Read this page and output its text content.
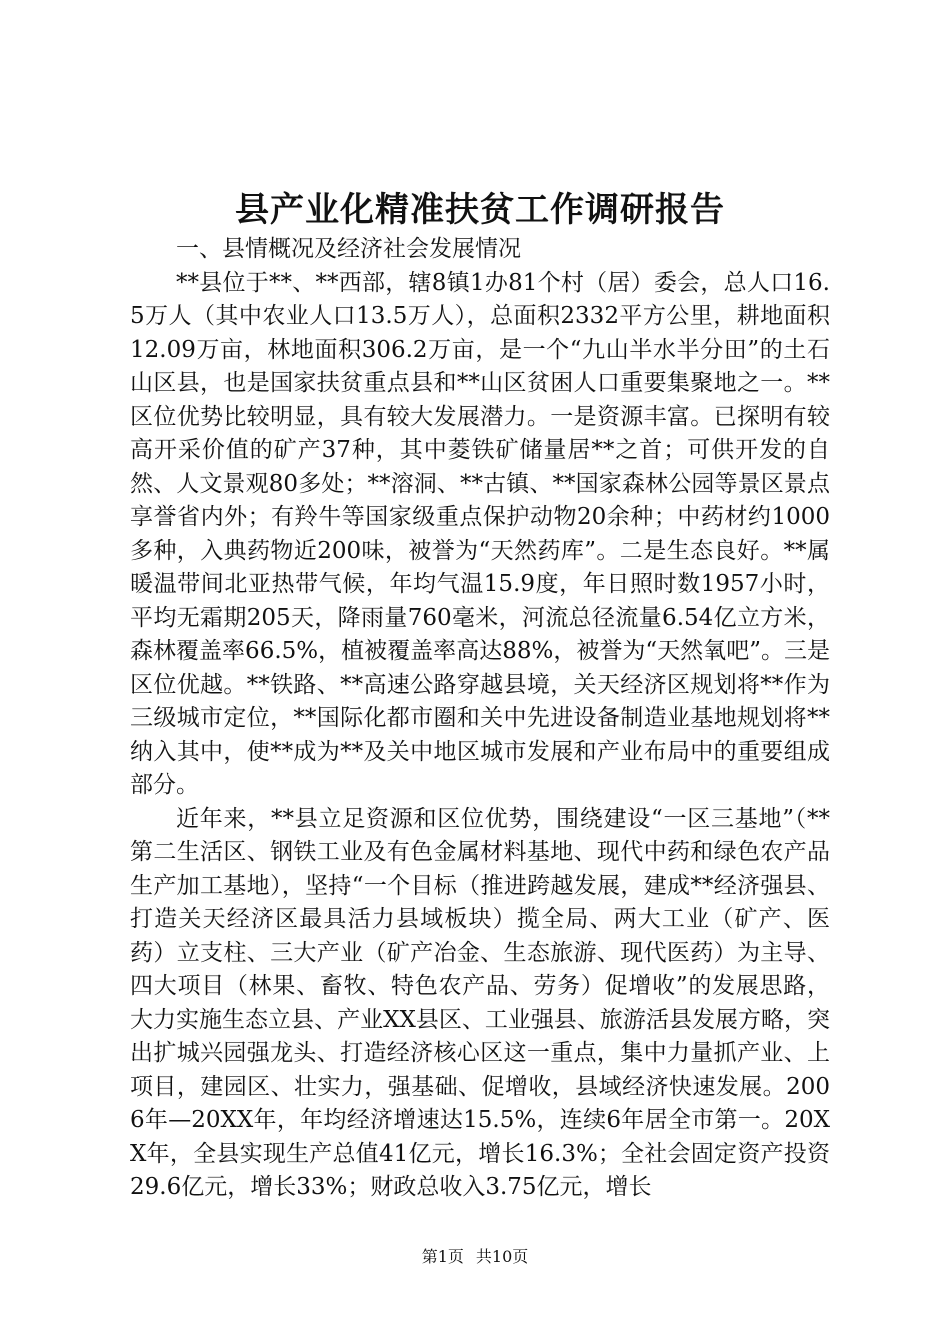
县产业化精准扶贫工作调研报告

一、县情概况及经济社会发展情况

**县位于**、**西部，辖8镇1办81个村（居）委会，总人口16.5万人（其中农业人口13.5万人），总面积2332平方公里，耕地面积12.09万亩，林地面积306.2万亩，是一个“九山半水半分田”的土石山区县，也是国家扶贫重点县和**山区贫困人口重要集聚地之一。**区位优势比较明显，具有较大发展潜力。一是资源丰富。已探明有较高开采价值的矿产37种，其中菱铁矿储量居**之首；可供开发的自然、人文景观80多处；**溶洞、**古镇、**国家森林公园等景区景点享誉省内外；有羚牛等国家级重点保护动物20余种；中药材约1000多种，入典药物近200味，被誉为“天然药库”。二是生态良好。**属暖温带间北亚热带气候，年均气温15.9度，年日照时数1957小时，平均无霜期205天，降雨量760毫米，河流总径流量6.54亿立方米，森林覆盖率66.5%，植被覆盖率高达88%，被誉为“天然氧吧”。三是区位优越。**铁路、**高速公路穿越县境，关天经济区规划将**作为三级城市定位，**国际化都市圈和关中先进设备制造业基地规划将**纳入其中，使**成为**及关中地区城市发展和产业布局中的重要组成部分。

近年来，**县立足资源和区位优势，围绕建设“一区三基地”（**第二生活区、钢铁工业及有色金属材料基地、现代中药和绿色农产品生产加工基地），坚持“一个目标（推进跨越发展，建成**经济强县、打造关天经济区最具活力县域板块）揽全局、两大工业（矿产、医药）立支柱、三大产业（矿产冶金、生态旅游、现代医药）为主导、四大项目（林果、畜牧、特色农产品、劳务）促增收”的发展思路，大力实施生态立县、产业XX县区、工业强县、旅游活县发展方略，突出扩城兴园强龙头、打造经济核心区这一重点，集中力量抓产业、上项目，建园区、壮实力，强基础、促增收，县域经济快速发展。2006年—20XX年，年均经济增速达15.5%，连续6年居全市第一。20XX年，全县实现生产总值41亿元，增长16.3%；全社会固定资产投资29.6亿元，增长33%；财政总收入3.75亿元，增长

第1页 共10页
